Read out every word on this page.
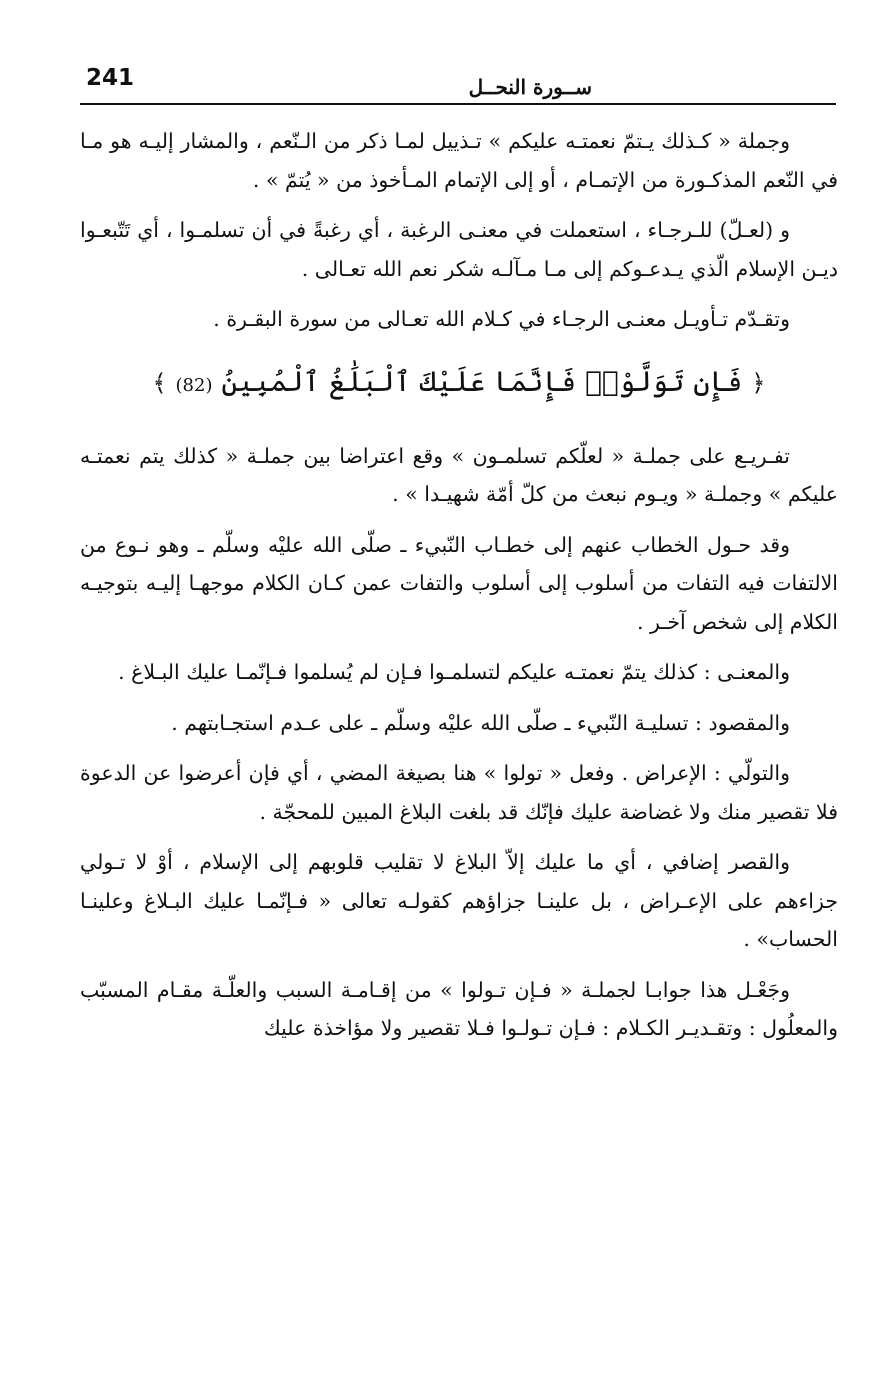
241	ســورة النحــل

وجملة « كـذلك يـتمّ نعمتـه عليكم » تـذييل لمـا ذكر من الـنّعم ، والمشار إليـه هو مـا في النّعم المذكـورة من الإتمـام ، أو إلى الإتمام المـأخوذ من « يُتمّ » .

و (لعـلّ) للـرجـاء ، استعملت في معنـى الرغبة ، أي رغبةً في أن تسلمـوا ، أي تَتّبعـوا ديـن الإسلام الّذي يـدعـوكم إلى مـا مـآلـه شكر نعم الله تعـالى .

وتقـدّم تـأويـل معنـى الرجـاء في كـلام الله تعـالى من سورة البقـرة .

﴿ فَإِن تَوَلَّوْا۟ فَإِنَّمَا عَلَيْكَ ٱلْبَلَٰغُ ٱلْمُبِينُ (82) ﴾

تفـريـع على جملـة « لعلّكم تسلمـون » وقع اعتراضا بين جملـة « كذلك يتم نعمتـه عليكم » وجملـة « ويـوم نبعث من كلّ أمّة شهيـدا » .

وقد حـول الخطاب عنهم إلى خطـاب النّبيء ـ صلّى الله عليْه وسلّم ـ وهو نـوع من الالتفات فيه التفات من أسلوب إلى أسلوب والتفات عمن كـان الكلام موجهـا إليـه بتوجيـه الكلام إلى شخص آخـر .

والمعنـى : كذلك يتمّ نعمتـه عليكم لتسلمـوا فـإن لم يُسلموا فـإنّمـا عليك البـلاغ .

والمقصود : تسليـة النّبيء ـ صلّى الله عليْه وسلّم ـ على عـدم استجـابتهم .

والتولّي : الإعراض . وفعل « تولوا » هنا بصيغة المضي ، أي فإن أعرضوا عن الدعوة فلا تقصير منك ولا غضاضة عليك فإنّك قد بلغت البلاغ المبين للمحجّة .

والقصر إضافي ، أي ما عليك إلاّ البلاغ لا تقليب قلوبهم إلى الإسلام ، أوْ لا تـولي جزاءهم على الإعـراض ، بل علينـا جزاؤهم كقولـه تعالى « فـإنّمـا عليك البـلاغ وعلينـا الحساب» .

وجَعْـل هذا جوابـا لجملـة « فـإن تـولوا » من إقـامـة السبب والعلّـة مقـام المسبّب والمعلُول : وتقـديـر الكـلام : فـإن تـولـوا فـلا تقصير ولا مؤاخذة عليك
